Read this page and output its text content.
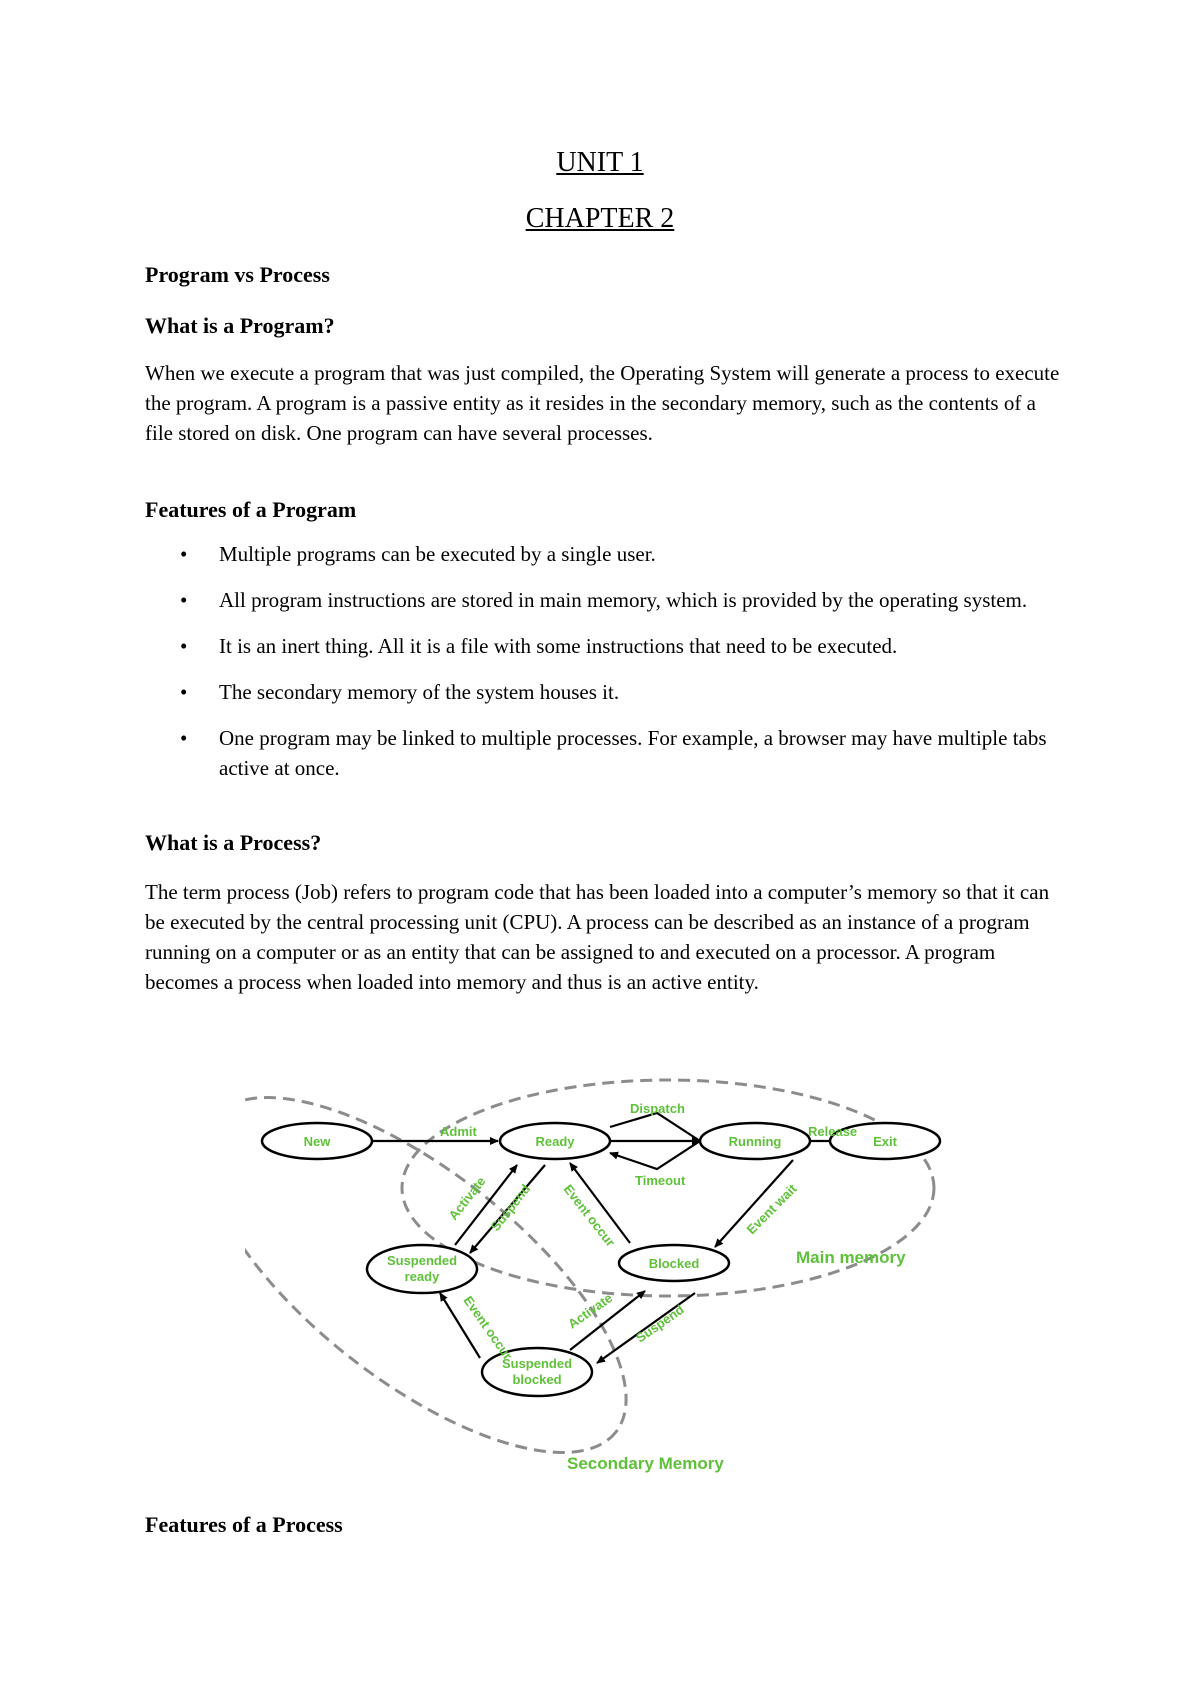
UNIT 1
CHAPTER 2
Program vs Process
What is a Program?

When we execute a program that was just compiled, the Operating System will generate a process to execute the program. A program is a passive entity as it resides in the secondary memory, such as the contents of a file stored on disk. One program can have several processes.

Features of a Program
• Multiple programs can be executed by a single user.
• All program instructions are stored in main memory, which is provided by the operating system.
• It is an inert thing. All it is a file with some instructions that need to be executed.
• The secondary memory of the system houses it.
• One program may be linked to multiple processes. For example, a browser may have multiple tabs active at once.
What is a Process?

The term process (Job) refers to program code that has been loaded into a computer’s memory so that it can be executed by the central processing unit (CPU). A process can be described as an instance of a program running on a computer or as an entity that can be assigned to and executed on a processor. A program becomes a process when loaded into memory and thus is an active entity.

New	Ready	Running	Exit
Blocked
Suspended
ready
Suspended
blocked
Admit
Dispatch
Timeout
Release
Event wait
Event occur
Activate Suspend
Event occur	Activate Suspend
Main memory
Secondary Memory
Features of a Process
